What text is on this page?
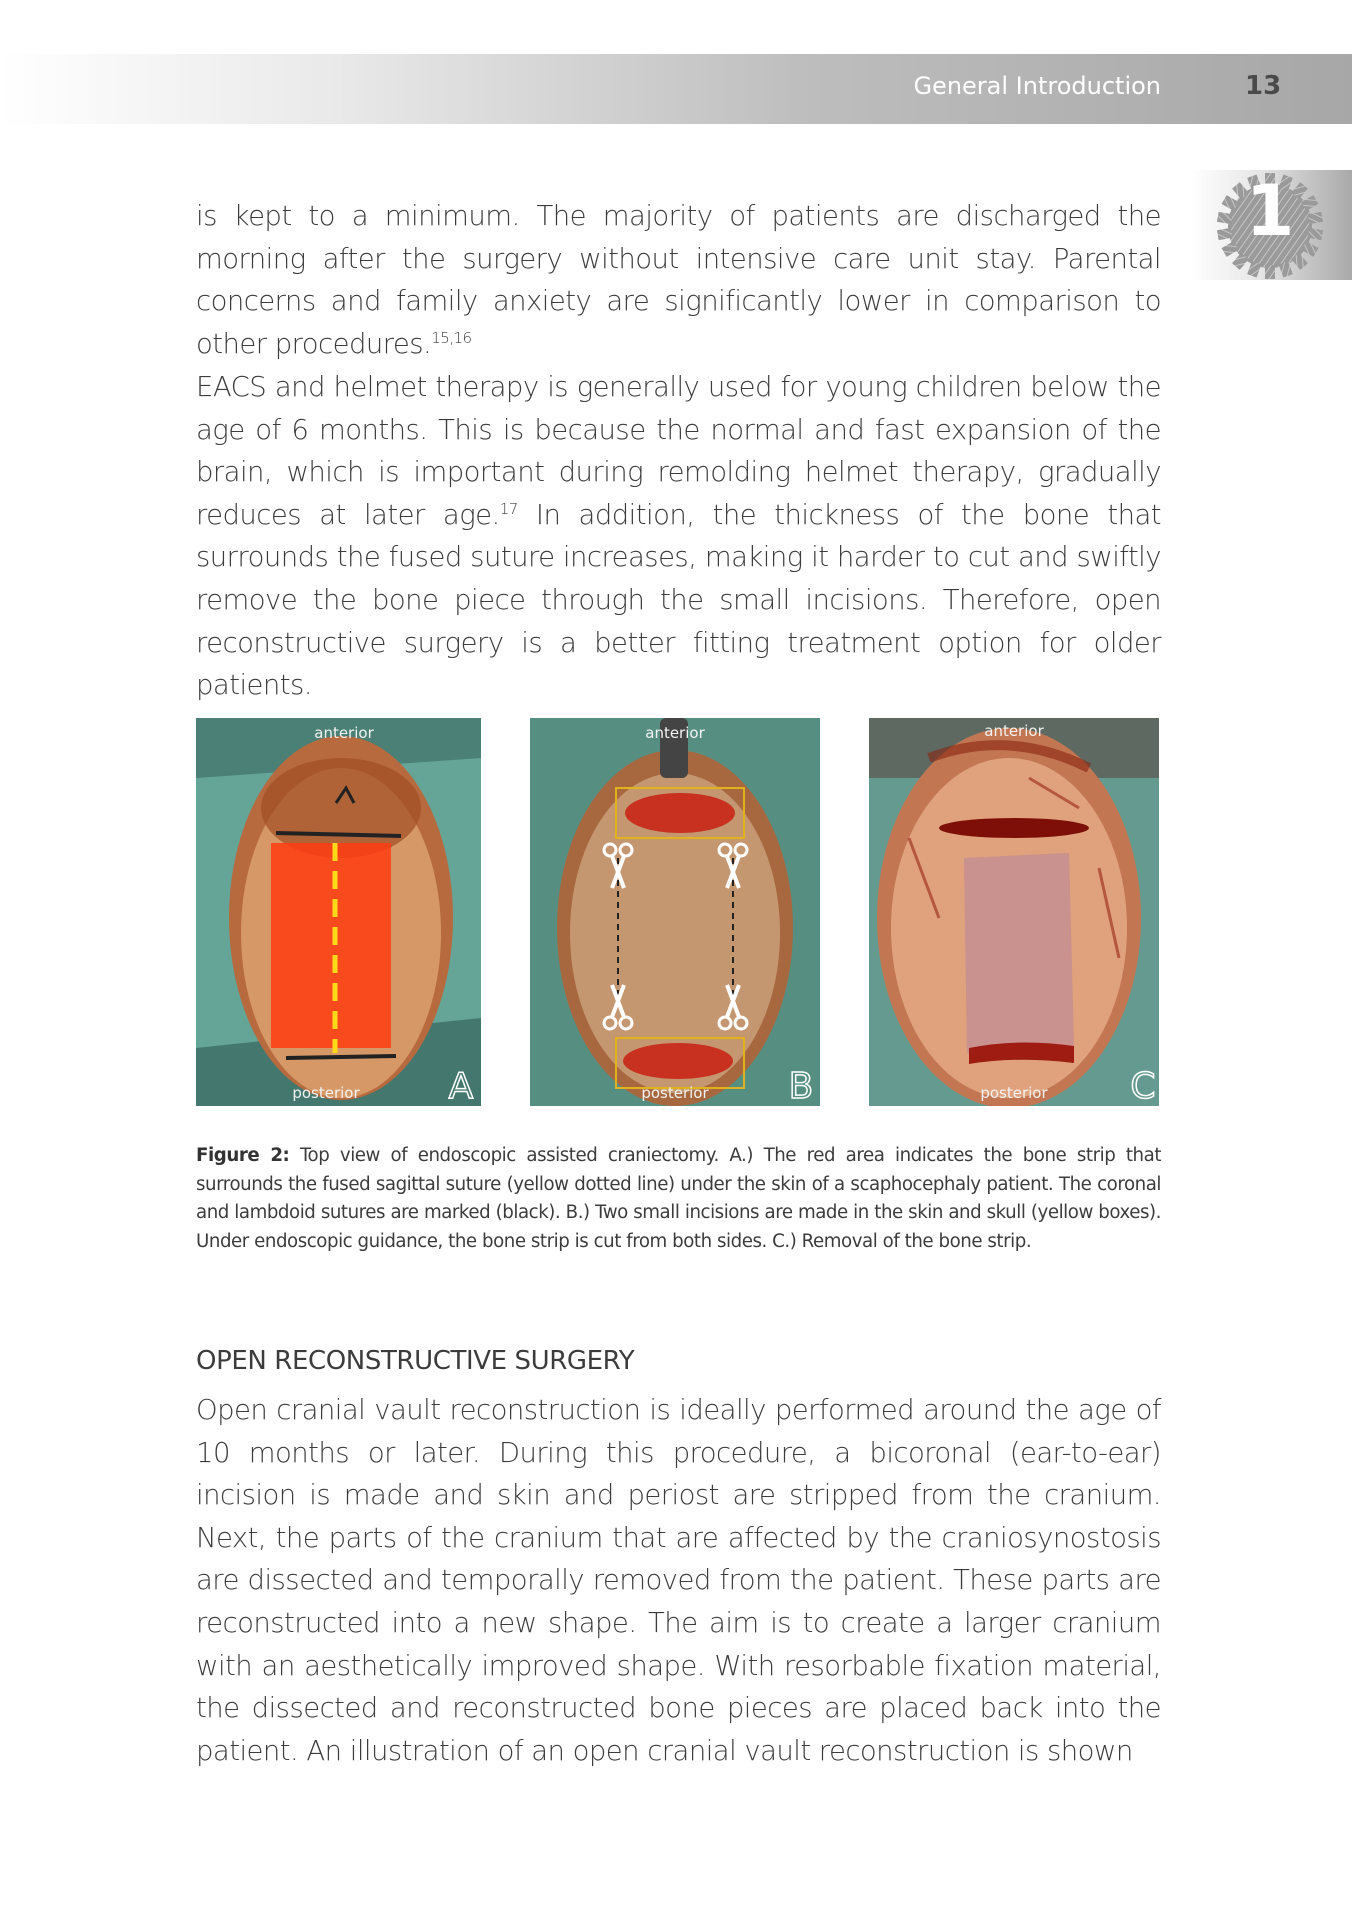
General Introduction	13
1
is kept to a minimum. The majority of patients are discharged the morning after the surgery without intensive care unit stay. Parental concerns and family anxiety are significantly lower in comparison to other procedures.$^{15,16}$
EACS and helmet therapy is generally used for young children below the age of 6 months. This is because the normal and fast expansion of the brain, which is important during remolding helmet therapy, gradually reduces at later age.$^{17}$ In addition, the thickness of the bone that surrounds the fused suture increases, making it harder to cut and swiftly remove the bone piece through the small incisions. Therefore, open reconstructive surgery is a better fitting treatment option for older patients.
anterior
posterior A
anterior
posterior B
anterior
posterior C
Figure 2: Top view of endoscopic assisted craniectomy. A.) The red area indicates the bone strip that surrounds the fused sagittal suture (yellow dotted line) under the skin of a scaphocephaly patient. The coronal and lambdoid sutures are marked (black). B.) Two small incisions are made in the skin and skull (yellow boxes). Under endoscopic guidance, the bone strip is cut from both sides. C.) Removal of the bone strip.
OPEN RECONSTRUCTIVE SURGERY
Open cranial vault reconstruction is ideally performed around the age of 10 months or later. During this procedure, a bicoronal (ear-to-ear) incision is made and skin and periost are stripped from the cranium. Next, the parts of the cranium that are affected by the craniosynostosis are dissected and temporally removed from the patient. These parts are reconstructed into a new shape. The aim is to create a larger cranium with an aesthetically improved shape. With resorbable fixation material, the dissected and reconstructed bone pieces are placed back into the patient. An illustration of an open cranial vault reconstruction is shown
